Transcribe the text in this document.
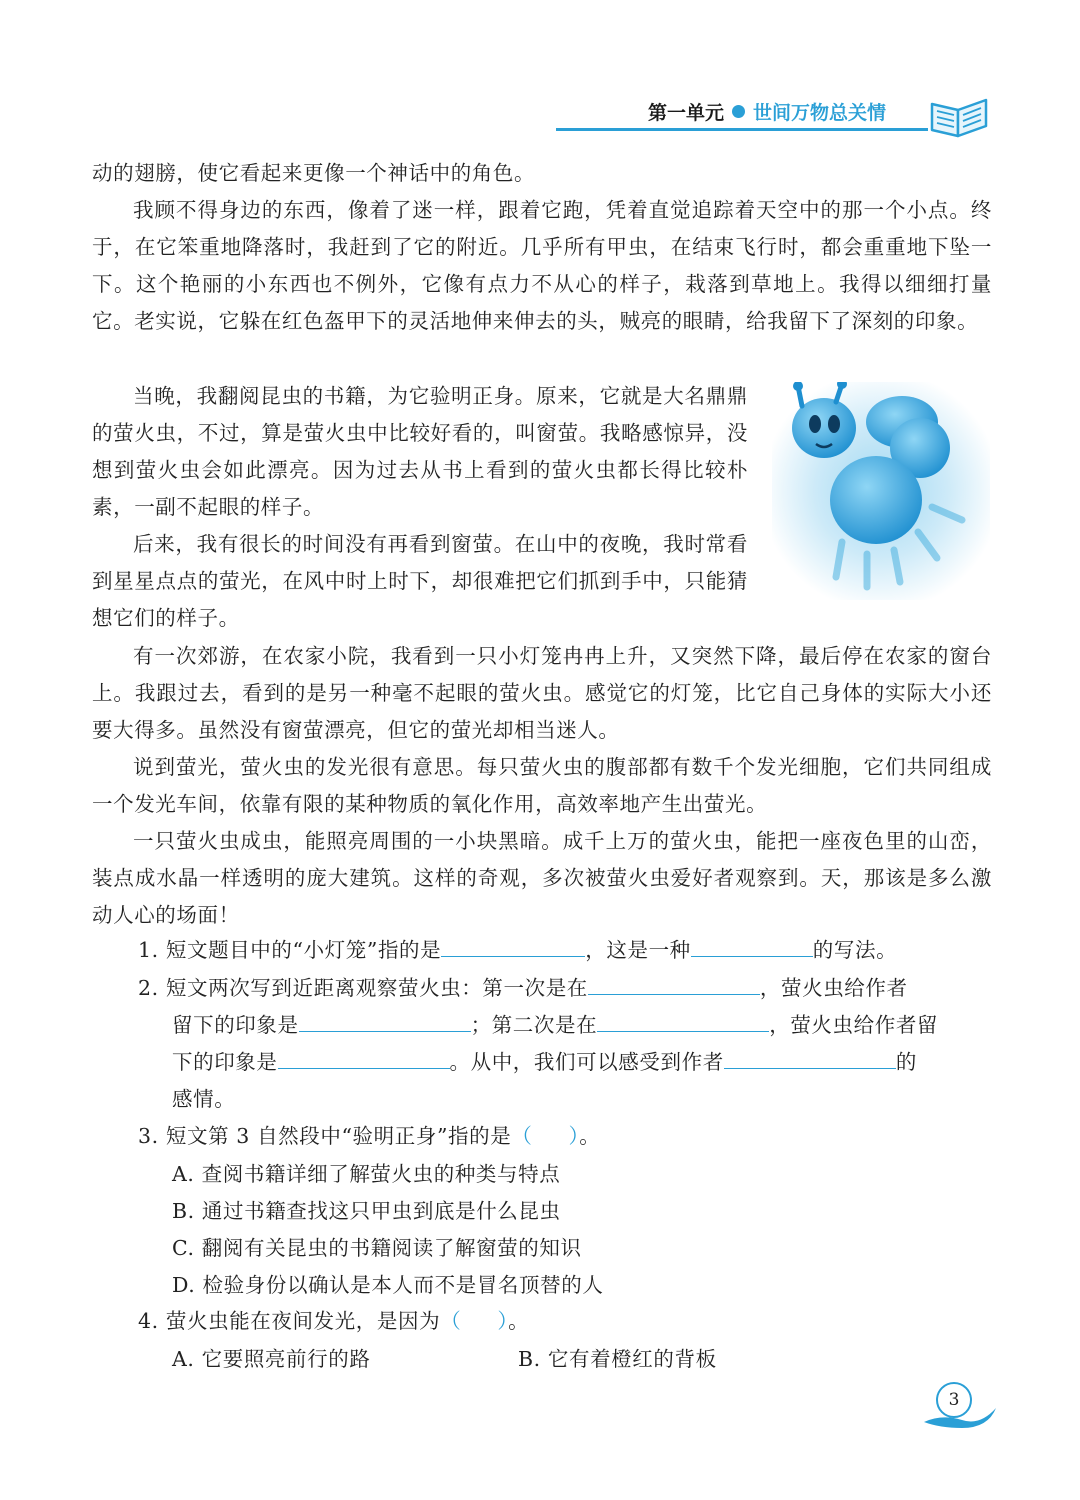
第一单元 世间万物总关情

动的翅膀，使它看起来更像一个神话中的角色。

我顾不得身边的东西，像着了迷一样，跟着它跑，凭着直觉追踪着天空中的那一个小点。终于，在它笨重地降落时，我赶到了它的附近。几乎所有甲虫，在结束飞行时，都会重重地下坠一下。这个艳丽的小东西也不例外，它像有点力不从心的样子，栽落到草地上。我得以细细打量它。老实说，它躲在红色盔甲下的灵活地伸来伸去的头，贼亮的眼睛，给我留下了深刻的印象。

当晚，我翻阅昆虫的书籍，为它验明正身。原来，它就是大名鼎鼎的萤火虫，不过，算是萤火虫中比较好看的，叫窗萤。我略感惊异，没想到萤火虫会如此漂亮。因为过去从书上看到的萤火虫都长得比较朴素，一副不起眼的样子。

后来，我有很长的时间没有再看到窗萤。在山中的夜晚，我时常看到星星点点的萤光，在风中时上时下，却很难把它们抓到手中，只能猜想它们的样子。

有一次郊游，在农家小院，我看到一只小灯笼冉冉上升，又突然下降，最后停在农家的窗台上。我跟过去，看到的是另一种毫不起眼的萤火虫。感觉它的灯笼，比它自己身体的实际大小还要大得多。虽然没有窗萤漂亮，但它的萤光却相当迷人。

说到萤光，萤火虫的发光很有意思。每只萤火虫的腹部都有数千个发光细胞，它们共同组成一个发光车间，依靠有限的某种物质的氧化作用，高效率地产生出萤光。

一只萤火虫成虫，能照亮周围的一小块黑暗。成千上万的萤火虫，能把一座夜色里的山峦，装点成水晶一样透明的庞大建筑。这样的奇观，多次被萤火虫爱好者观察到。天，那该是多么激动人心的场面！

1. 短文题目中的“小灯笼”指的是	，这是一种	的写法。
2. 短文两次写到近距离观察萤火虫：第一次是在	，萤火虫给作者
留下的印象是	；第二次是在	，萤火虫给作者留
下的印象是	。从中，我们可以感受到作者	的
感情。
3. 短文第 3 自然段中“验明正身”指的是（ ）。
A. 查阅书籍详细了解萤火虫的种类与特点
B. 通过书籍查找这只甲虫到底是什么昆虫
C. 翻阅有关昆虫的书籍阅读了解窗萤的知识
D. 检验身份以确认是本人而不是冒名顶替的人
4. 萤火虫能在夜间发光，是因为（ ）。
A. 它要照亮前行的路	B. 它有着橙红的背板
3
